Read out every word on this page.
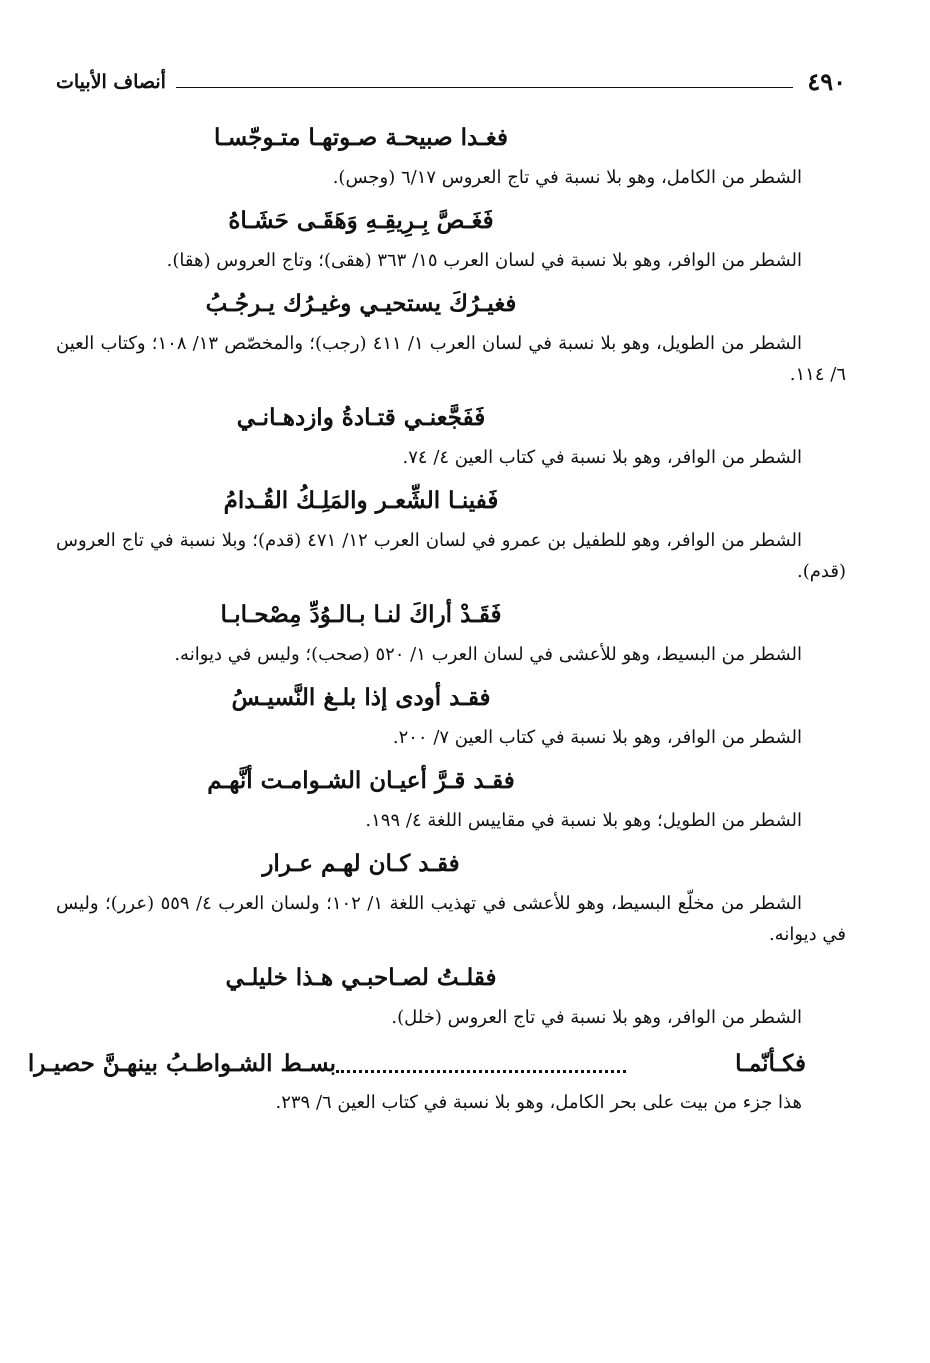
٤٩٠
أنصاف الأبيات
فغـدا صبيحـة صـوتهـا متـوجّسـا
الشطر من الكامل، وهو بلا نسبة في تاج العروس ٦/١٧ (وجس).
فَغَـصَّ بِـرِيقِـهِ وَهَقَـى حَشَـاهُ
الشطر من الوافر، وهو بلا نسبة في لسان العرب ١٥/ ٣٦٣ (هقى)؛ وتاج العروس (هقا).
فغيـرُكَ يستحيـي وغيـرُك يـرجُـبُ
الشطر من الطويل، وهو بلا نسبة في لسان العرب ١/ ٤١١ (رجب)؛ والمخصّص ١٣/ ١٠٨؛ وكتاب العين ٦/ ١١٤.
فَفَجَّعنـي قتـادةُ وازدهـانـي
الشطر من الوافر، وهو بلا نسبة في كتاب العين ٤/ ٧٤.
فَفينـا الشِّعـر والمَلِـكُ القُـدامُ
الشطر من الوافر، وهو للطفيل بن عمرو في لسان العرب ١٢/ ٤٧١ (قدم)؛ وبلا نسبة في تاج العروس (قدم).
فَقَـدْ أراكَ لنـا بـالـوُدِّ مِصْحـابـا
الشطر من البسيط، وهو للأعشى في لسان العرب ١/ ٥٢٠ (صحب)؛ وليس في ديوانه.
فقـد أودى إذا بلـغ النَّسيـسُ
الشطر من الوافر، وهو بلا نسبة في كتاب العين ٧/ ٢٠٠.
فقـد قـرَّ أعيـان الشـوامـت أنَّهـم
الشطر من الطويل؛ وهو بلا نسبة في مقاييس اللغة ٤/ ١٩٩.
فقـد كـان لهـم عـرار
الشطر من مخلّع البسيط، وهو للأعشى في تهذيب اللغة ١/ ١٠٢؛ ولسان العرب ٤/ ٥٥٩ (عرر)؛ وليس في ديوانه.
فقلـتُ لصـاحبـي هـذا خليلـي
الشطر من الوافر، وهو بلا نسبة في تاج العروس (خلل).
فكـأنّمـا
بسـط الشـواطـبُ بينهـنَّ حصيـرا
هذا جزء من بيت على بحر الكامل، وهو بلا نسبة في كتاب العين ٦/ ٢٣٩.
